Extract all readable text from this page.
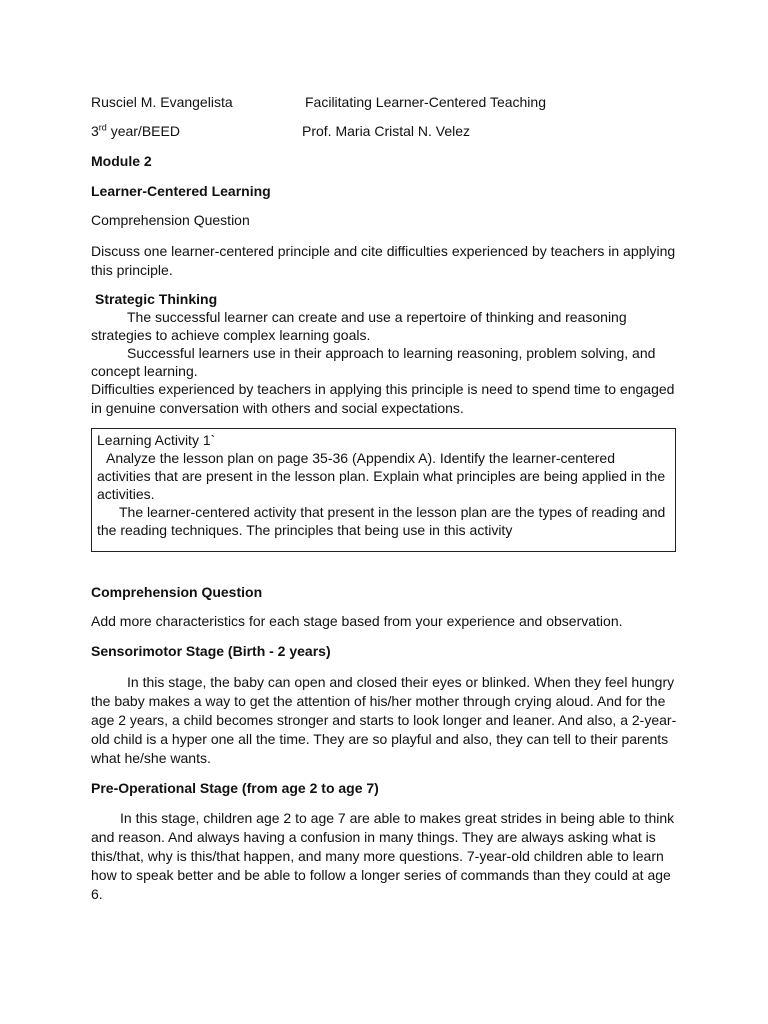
Rusciel M. Evangelista	Facilitating Learner-Centered Teaching
3rd year/BEED	Prof. Maria Cristal N. Velez
Module 2
Learner-Centered Learning
Comprehension Question
Discuss one learner-centered principle and cite difficulties experienced by teachers in applying this principle.
Strategic Thinking

The successful learner can create and use a repertoire of thinking and reasoning strategies to achieve complex learning goals.

Successful learners use in their approach to learning reasoning, problem solving, and concept learning.

Difficulties experienced by teachers in applying this principle is need to spend time to engaged in genuine conversation with others and social expectations.

Learning Activity 1`

Analyze the lesson plan on page 35-36 (Appendix A). Identify the learner-centered activities that are present in the lesson plan. Explain what principles are being applied in the activities.

The learner-centered activity that present in the lesson plan are the types of reading and the reading techniques. The principles that being use in this activity

Comprehension Question
Add more characteristics for each stage based from your experience and observation.
Sensorimotor Stage (Birth - 2 years)

In this stage, the baby can open and closed their eyes or blinked. When they feel hungry the baby makes a way to get the attention of his/her mother through crying aloud. And for the age 2 years, a child becomes stronger and starts to look longer and leaner. And also, a 2-year-old child is a hyper one all the time. They are so playful and also, they can tell to their parents what he/she wants.

Pre-Operational Stage (from age 2 to age 7)

In this stage, children age 2 to age 7 are able to makes great strides in being able to think and reason. And always having a confusion in many things. They are always asking what is this/that, why is this/that happen, and many more questions. 7-year-old children able to learn how to speak better and be able to follow a longer series of commands than they could at age 6.
